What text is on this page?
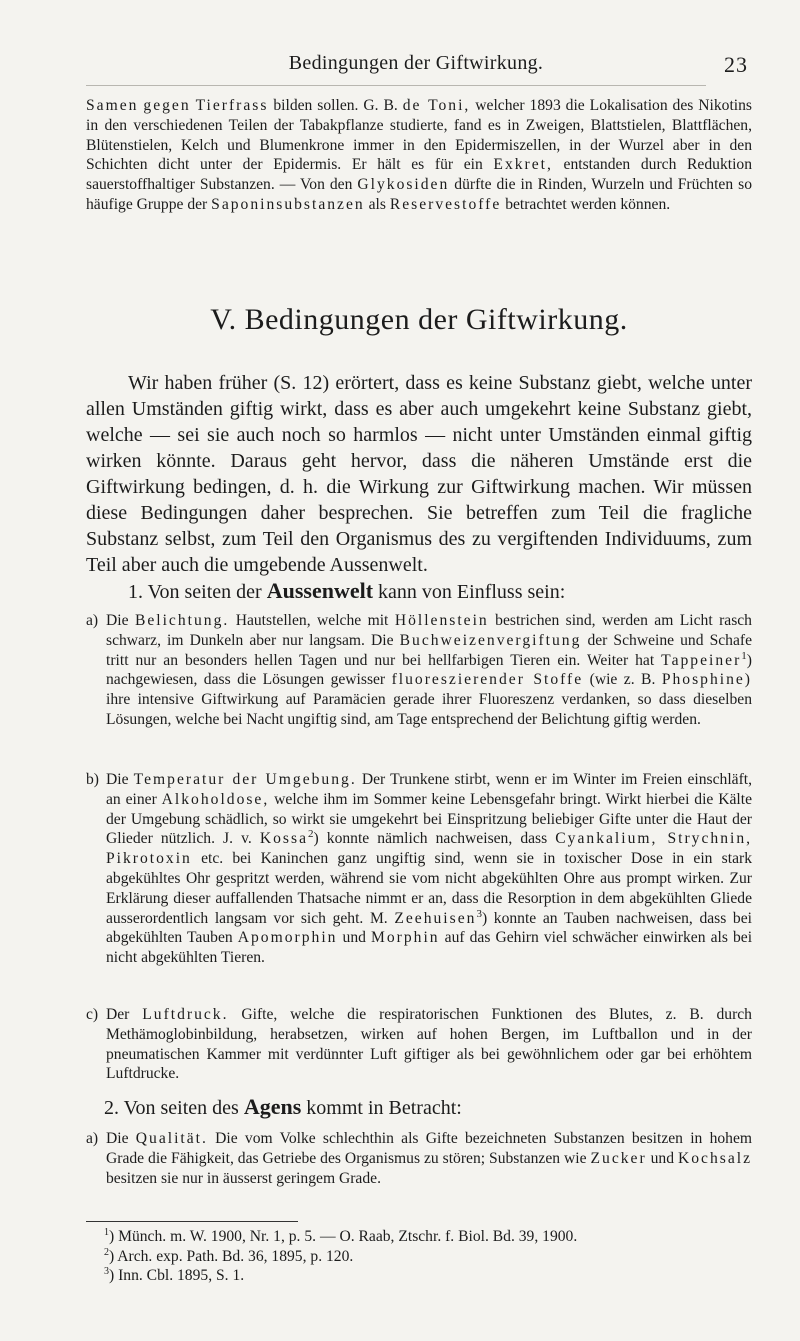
Bedingungen der Giftwirkung.	23

Samen gegen Tierfrass bilden sollen. G. B. de Toni, welcher 1893 die Lokalisation des Nikotins in den verschiedenen Teilen der Tabakpflanze studierte, fand es in Zweigen, Blattstielen, Blattflächen, Blütenstielen, Kelch und Blumenkrone immer in den Epidermiszellen, in der Wurzel aber in den Schichten dicht unter der Epidermis. Er hält es für ein Exkret, entstanden durch Reduktion sauerstoffhaltiger Substanzen. — Von den Glykosiden dürfte die in Rinden, Wurzeln und Früchten so häufige Gruppe der Saponinsubstanzen als Reservestoffe betrachtet werden können.

V. Bedingungen der Giftwirkung.

Wir haben früher (S. 12) erörtert, dass es keine Substanz giebt, welche unter allen Umständen giftig wirkt, dass es aber auch umgekehrt keine Substanz giebt, welche — sei sie auch noch so harmlos — nicht unter Umständen einmal giftig wirken könnte. Daraus geht hervor, dass die näheren Umstände erst die Giftwirkung bedingen, d. h. die Wirkung zur Giftwirkung machen. Wir müssen diese Bedingungen daher besprechen. Sie betreffen zum Teil die fragliche Substanz selbst, zum Teil den Organismus des zu vergiftenden Individuums, zum Teil aber auch die umgebende Aussenwelt.

1. Von seiten der Aussenwelt kann von Einfluss sein:
a) Die Belichtung. Hautstellen, welche mit Höllenstein bestrichen sind, werden am Licht rasch schwarz, im Dunkeln aber nur langsam. Die Buchweizenvergiftung der Schweine und Schafe tritt nur an besonders hellen Tagen und nur bei hellfarbigen Tieren ein. Weiter hat Tappeiner$^1$) nachgewiesen, dass die Lösungen gewisser fluoreszierender Stoffe (wie z. B. Phosphine) ihre intensive Giftwirkung auf Paramäcien gerade ihrer Fluoreszenz verdanken, so dass dieselben Lösungen, welche bei Nacht ungiftig sind, am Tage entsprechend der Belichtung giftig werden.

b) Die Temperatur der Umgebung. Der Trunkene stirbt, wenn er im Winter im Freien einschläft, an einer Alkoholdose, welche ihm im Sommer keine Lebensgefahr bringt. Wirkt hierbei die Kälte der Umgebung schädlich, so wirkt sie umgekehrt bei Einspritzung beliebiger Gifte unter die Haut der Glieder nützlich. J. v. Kossa$^2$) konnte nämlich nachweisen, dass Cyankalium, Strychnin, Pikrotoxin etc. bei Kaninchen ganz ungiftig sind, wenn sie in toxischer Dose in ein stark abgekühltes Ohr gespritzt werden, während sie vom nicht abgekühlten Ohre aus prompt wirken. Zur Erklärung dieser auffallenden Thatsache nimmt er an, dass die Resorption in dem abgekühlten Gliede ausserordentlich langsam vor sich geht. M. Zeehuisen$^3$) konnte an Tauben nachweisen, dass bei abgekühlten Tauben Apomorphin und Morphin auf das Gehirn viel schwächer einwirken als bei nicht abgekühlten Tieren.

c) Der Luftdruck. Gifte, welche die respiratorischen Funktionen des Blutes, z. B. durch Methämoglobinbildung, herabsetzen, wirken auf hohen Bergen, im Luftballon und in der pneumatischen Kammer mit verdünnter Luft giftiger als bei gewöhnlichem oder gar bei erhöhtem Luftdrucke.

2. Von seiten des Agens kommt in Betracht:
a) Die Qualität. Die vom Volke schlechthin als Gifte bezeichneten Substanzen besitzen in hohem Grade die Fähigkeit, das Getriebe des Organismus zu stören; Substanzen wie Zucker und Kochsalz besitzen sie nur in äusserst geringem Grade.

$^1$) Münch. m. W. 1900, Nr. 1, p. 5. — O. Raab, Ztschr. f. Biol. Bd. 39, 1900.
$^2$) Arch. exp. Path. Bd. 36, 1895, p. 120.
$^3$) Inn. Cbl. 1895, S. 1.
